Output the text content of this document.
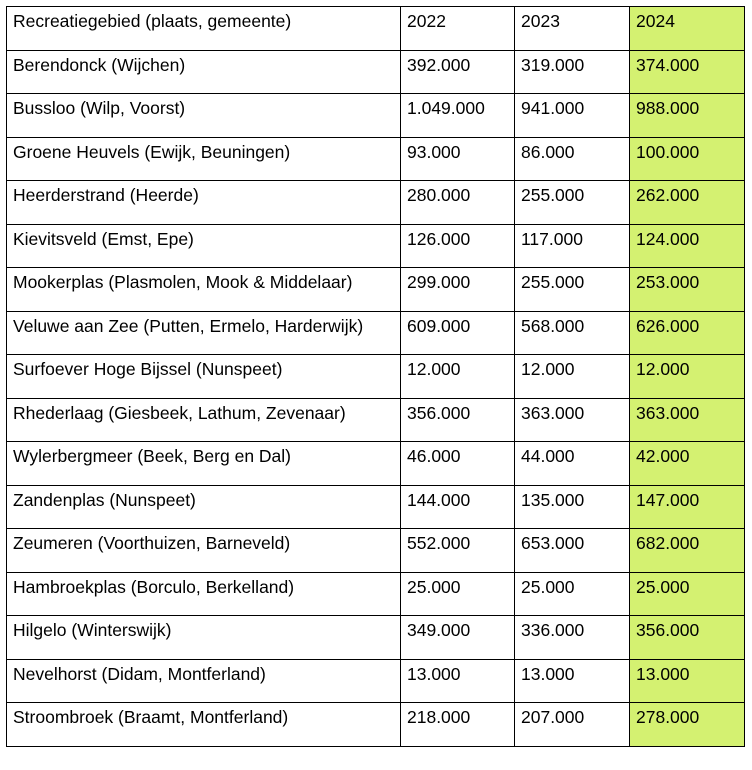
Recreatiegebied (plaats, gemeente)	2022	2023	2024
Berendonck (Wijchen)	392.000	319.000	374.000
Bussloo (Wilp, Voorst)	1.049.000	941.000	988.000
Groene Heuvels (Ewijk, Beuningen)	93.000	86.000	100.000
Heerderstrand (Heerde)	280.000	255.000	262.000
Kievitsveld (Emst, Epe)	126.000	117.000	124.000
Mookerplas (Plasmolen, Mook & Middelaar)	299.000	255.000	253.000
Veluwe aan Zee (Putten, Ermelo, Harderwijk)	609.000	568.000	626.000
Surfoever Hoge Bijssel (Nunspeet)	12.000	12.000	12.000
Rhederlaag (Giesbeek, Lathum, Zevenaar)	356.000	363.000	363.000
Wylerbergmeer (Beek, Berg en Dal)	46.000	44.000	42.000
Zandenplas (Nunspeet)	144.000	135.000	147.000
Zeumeren (Voorthuizen, Barneveld)	552.000	653.000	682.000
Hambroekplas (Borculo, Berkelland)	25.000	25.000	25.000
Hilgelo (Winterswijk)	349.000	336.000	356.000
Nevelhorst (Didam, Montferland)	13.000	13.000	13.000
Stroombroek (Braamt, Montferland)	218.000	207.000	278.000
